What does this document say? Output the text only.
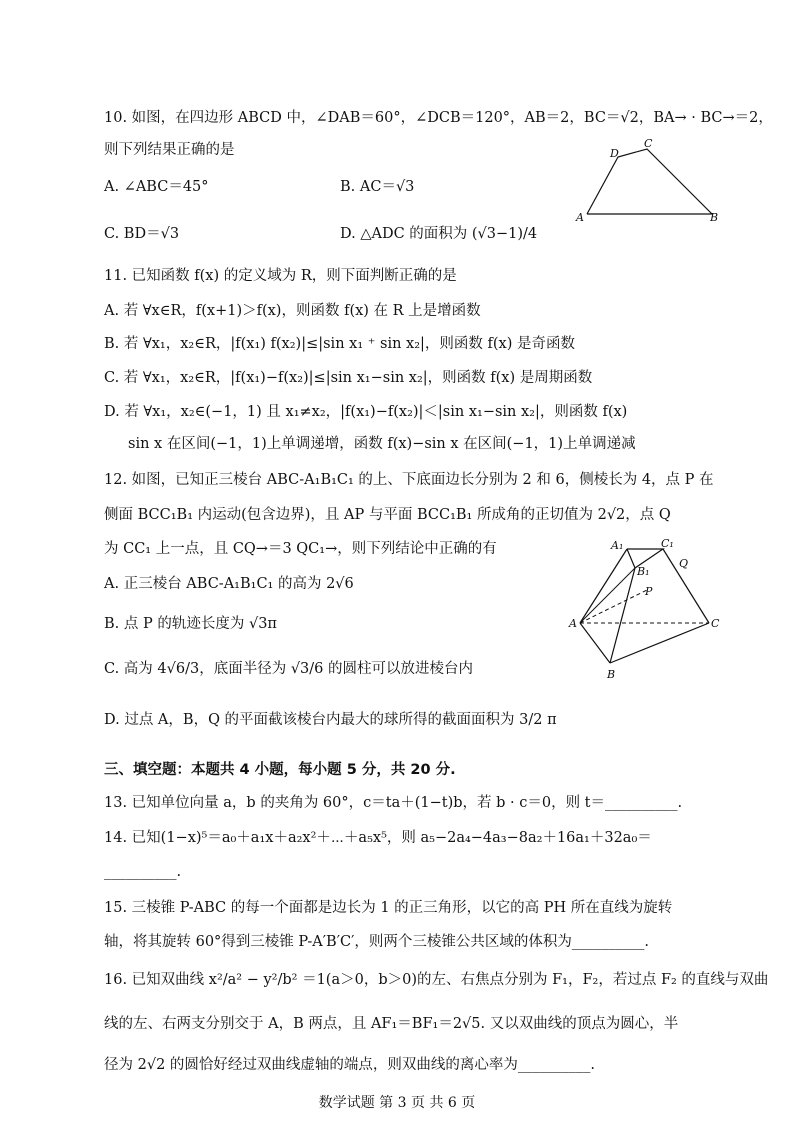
10. 如图，在四边形 ABCD 中，∠DAB＝60°，∠DCB＝120°，AB＝2，BC＝√2，BA→ · BC→＝2，
则下列结果正确的是
A. ∠ABC＝45°	B. AC＝√3
C. BD＝√3	D. △ADC 的面积为 (√3−1)/4
D
C
A	B
11. 已知函数 f(x) 的定义域为 R，则下面判断正确的是
A. 若 ∀x∈R，f(x+1)＞f(x)，则函数 f(x) 在 R 上是增函数
B. 若 ∀x₁，x₂∈R，|f(x₁) f(x₂)|≤|sin x₁ ⁺ sin x₂|，则函数 f(x) 是奇函数
C. 若 ∀x₁，x₂∈R，|f(x₁)−f(x₂)|≤|sin x₁−sin x₂|，则函数 f(x) 是周期函数
D. 若 ∀x₁，x₂∈(−1，1) 且 x₁≠x₂，|f(x₁)−f(x₂)|＜|sin x₁−sin x₂|，则函数 f(x)
sin x 在区间(−1，1)上单调递增，函数 f(x)−sin x 在区间(−1，1)上单调递减
12. 如图，已知正三棱台 ABC-A₁B₁C₁ 的上、下底面边长分别为 2 和 6，侧棱长为 4，点 P 在
侧面 BCC₁B₁ 内运动(包含边界)，且 AP 与平面 BCC₁B₁ 所成角的正切值为 2√2，点 Q
为 CC₁ 上一点，且 CQ→＝3 QC₁→，则下列结论中正确的有
A. 正三棱台 ABC-A₁B₁C₁ 的高为 2√6
B. 点 P 的轨迹长度为 √3π
C. 高为 4√6/3，底面半径为 √3/6 的圆柱可以放进棱台内
D. 过点 A，B，Q 的平面截该棱台内最大的球所得的截面面积为 3/2 π
A₁	C₁
B₁
Q
P
A	C
B
三、填空题：本题共 4 小题，每小题 5 分，共 20 分.
13. 已知单位向量 a，b 的夹角为 60°，c＝ta＋(1−t)b，若 b · c＝0，则 t＝__________.
14. 已知(1−x)⁵＝a₀＋a₁x＋a₂x²＋⋯＋a₅x⁵，则 a₅−2a₄−4a₃−8a₂＋16a₁＋32a₀＝
__________.
15. 三棱锥 P-ABC 的每一个面都是边长为 1 的正三角形，以它的高 PH 所在直线为旋转
轴，将其旋转 60°得到三棱锥 P-A′B′C′，则两个三棱锥公共区域的体积为__________.
16. 已知双曲线 x²/a² − y²/b² ＝1(a＞0，b＞0)的左、右焦点分别为 F₁，F₂，若过点 F₂ 的直线与双曲
线的左、右两支分别交于 A，B 两点，且 AF₁＝BF₁＝2√5. 又以双曲线的顶点为圆心，半
径为 2√2 的圆恰好经过双曲线虚轴的端点，则双曲线的离心率为__________.
数学试题 第 3 页 共 6 页
